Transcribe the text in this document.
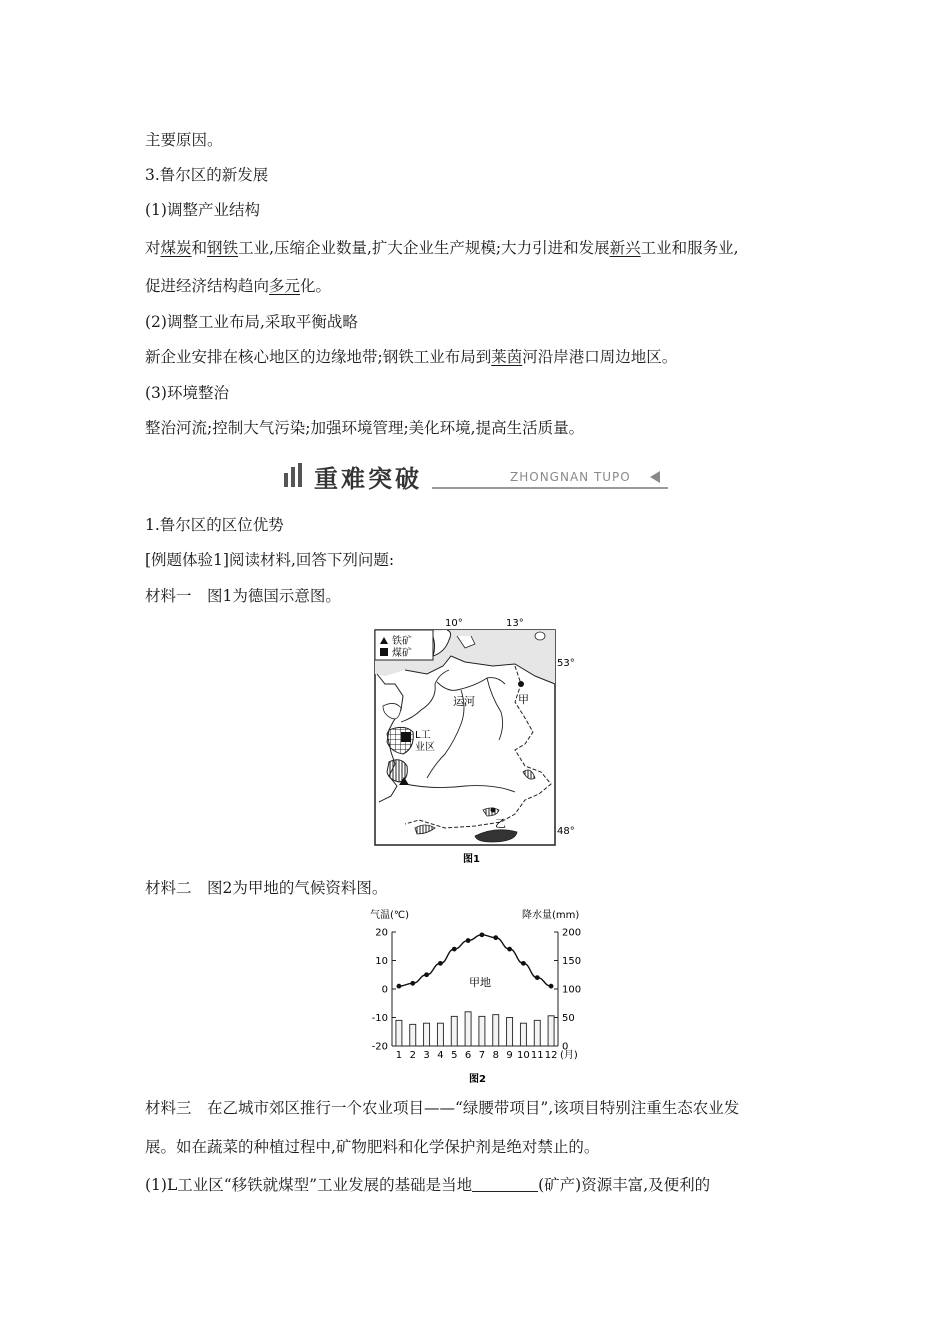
主要原因。
3.鲁尔区的新发展
(1)调整产业结构
对煤炭和钢铁工业,压缩企业数量,扩大企业生产规模;大力引进和发展新兴工业和服务业,
促进经济结构趋向多元化。
(2)调整工业布局,采取平衡战略
新企业安排在核心地区的边缘地带;钢铁工业布局到莱茵河沿岸港口周边地区。
(3)环境整治
整治河流;控制大气污染;加强环境管理;美化环境,提高生活质量。
重难突破	ZHONGNAN TUPO
1.鲁尔区的区位优势
[例题体验1]阅读材料,回答下列问题:
材料一　图1为德国示意图。
铁矿
煤矿
10°	13°
53°
48°
运河	甲
乙
L工
业区
图1
材料二　图2为甲地的气候资料图。
气温(℃)	降水量(mm)
20
10
0
-10
-20
200
150
100
50
0
1 2 3 4 5 6 7 8 9 10 11 12 (月)
甲地
图2
材料三　在乙城市郊区推行一个农业项目——“绿腰带项目”,该项目特别注重生态农业发
展。如在蔬菜的种植过程中,矿物肥料和化学保护剂是绝对禁止的。
(1)L工业区“移铁就煤型”工业发展的基础是当地	(矿产)资源丰富,及便利的
